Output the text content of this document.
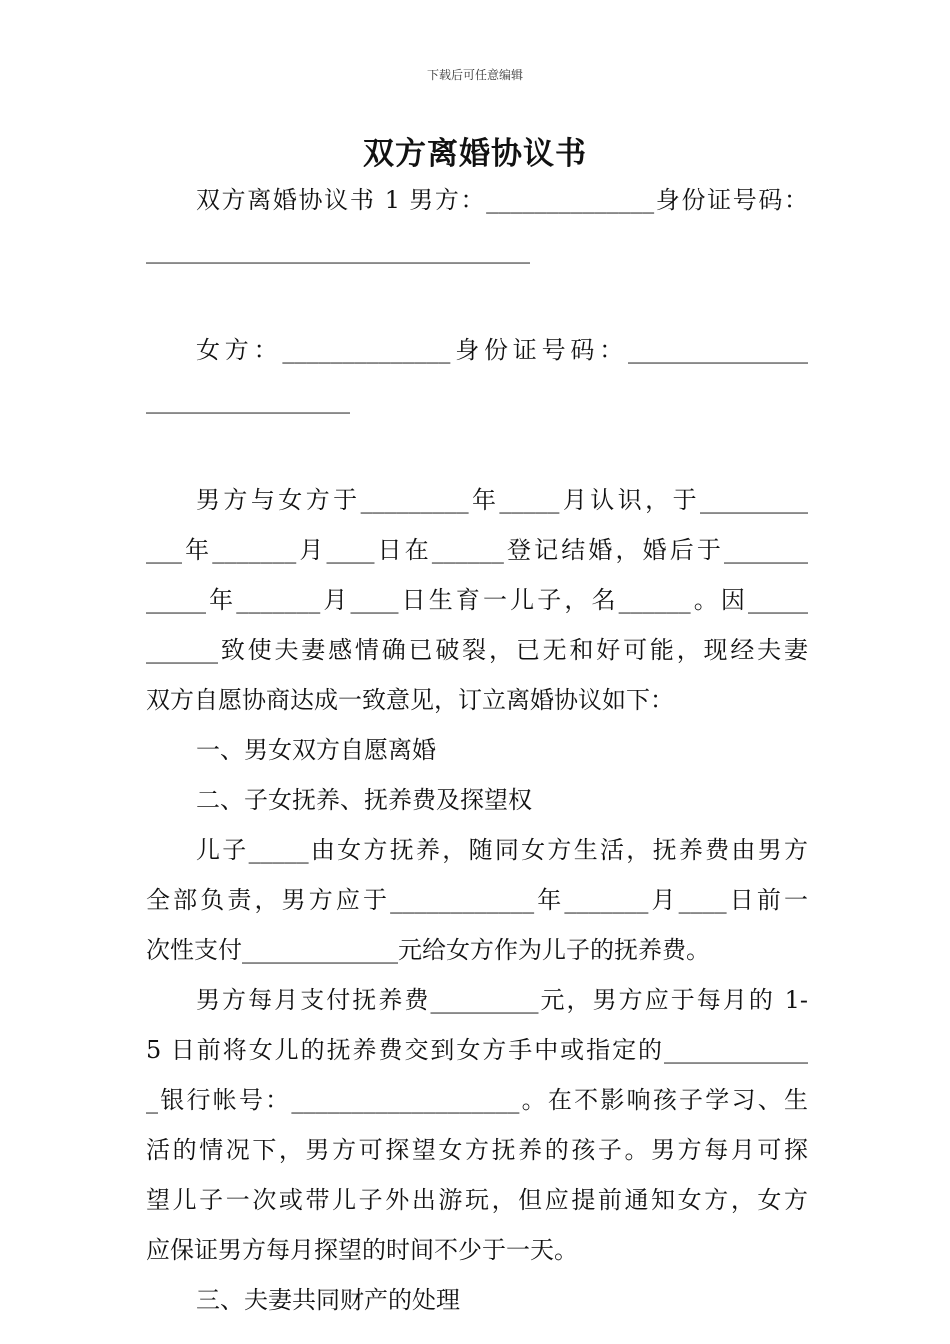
下载后可任意编辑
双方离婚协议书
双方离婚协议书 1 男方：______________身份证号码：
________________________________
女方：______________身份证号码：_______________
_________________
男方与女方于_________年_____月认识，于_________
___年_______月____日在______登记结婚，婚后于_______
_____年_______月____日生育一儿子，名______。因_____
______致使夫妻感情确已破裂，已无和好可能，现经夫妻
双方自愿协商达成一致意见，订立离婚协议如下：
一、男女双方自愿离婚
二、子女抚养、抚养费及探望权
儿子_____由女方抚养，随同女方生活，抚养费由男方
全部负责，男方应于____________年_______月____日前一
次性支付_____________元给女方作为儿子的抚养费。
男方每月支付抚养费_________元，男方应于每月的 1-
5 日前将女儿的抚养费交到女方手中或指定的____________
_银行帐号：___________________。在不影响孩子学习、生
活的情况下，男方可探望女方抚养的孩子。男方每月可探
望儿子一次或带儿子外出游玩，但应提前通知女方，女方
应保证男方每月探望的时间不少于一天。
三、夫妻共同财产的处理
